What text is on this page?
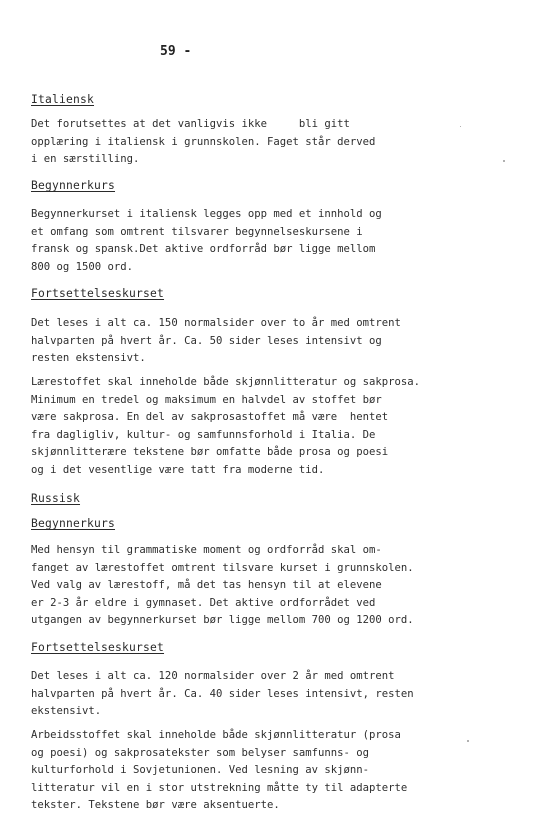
59 -
Italiensk
Det forutsettes at det vanligvis ikke     bli gitt
opplæring i italiensk i grunnskolen. Faget står derved
i en særstilling.
Begynnerkurs
Begynnerkurset i italiensk legges opp med et innhold og
et omfang som omtrent tilsvarer begynnelseskursene i
fransk og spansk.Det aktive ordforråd bør ligge mellom
800 og 1500 ord.
Fortsettelseskurset
Det leses i alt ca. 150 normalsider over to år med omtrent
halvparten på hvert år. Ca. 50 sider leses intensivt og
resten ekstensivt.
Lærestoffet skal inneholde både skjønnlitteratur og sakprosa.
Minimum en tredel og maksimum en halvdel av stoffet bør
være sakprosa. En del av sakprosastoffet må være  hentet
fra dagligliv, kultur- og samfunnsforhold i Italia. De
skjønnlitterære tekstene bør omfatte både prosa og poesi
og i det vesentlige være tatt fra moderne tid.
Russisk
Begynnerkurs
Med hensyn til grammatiske moment og ordforråd skal om-
fanget av lærestoffet omtrent tilsvare kurset i grunnskolen.
Ved valg av lærestoff, må det tas hensyn til at elevene
er 2-3 år eldre i gymnaset. Det aktive ordforrådet ved
utgangen av begynnerkurset bør ligge mellom 700 og 1200 ord.
Fortsettelseskurset
Det leses i alt ca. 120 normalsider over 2 år med omtrent
halvparten på hvert år. Ca. 40 sider leses intensivt, resten
ekstensivt.
Arbeidsstoffet skal inneholde både skjønnlitteratur (prosa
og poesi) og sakprosatekster som belyser samfunns- og
kulturforhold i Sovjetunionen. Ved lesning av skjønn-
litteratur vil en i stor utstrekning måtte ty til adapterte
tekster. Tekstene bør være aksentuerte.
